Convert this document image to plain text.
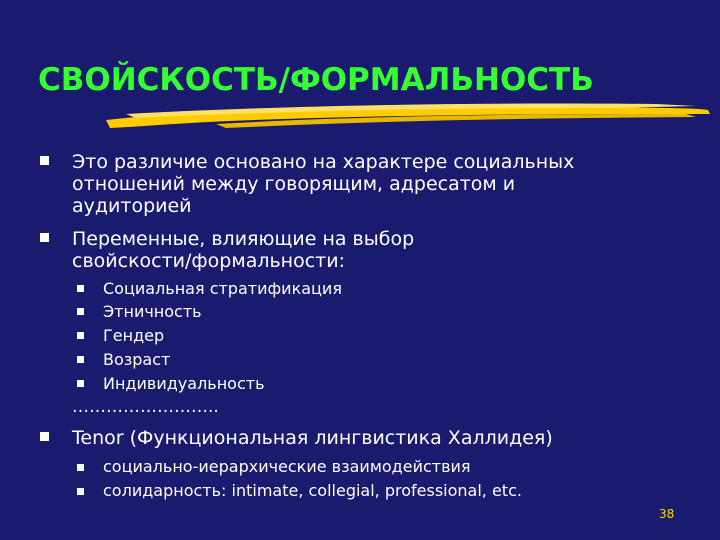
СВОЙСКОСТЬ/ФОРМАЛЬНОСТЬ
Это различие основано на характере социальных
отношений между говорящим, адресатом и
аудиторией
Переменные, влияющие на выбор
свойскости/формальности:
Социальная стратификация
Этничность
Гендер
Возраст
Индивидуальность
……………………..
Tenor (Функциональная лингвистика Халлидея)
социально-иерархические взаимодействия
солидарность: intimate, collegial, professional, etc.
38
